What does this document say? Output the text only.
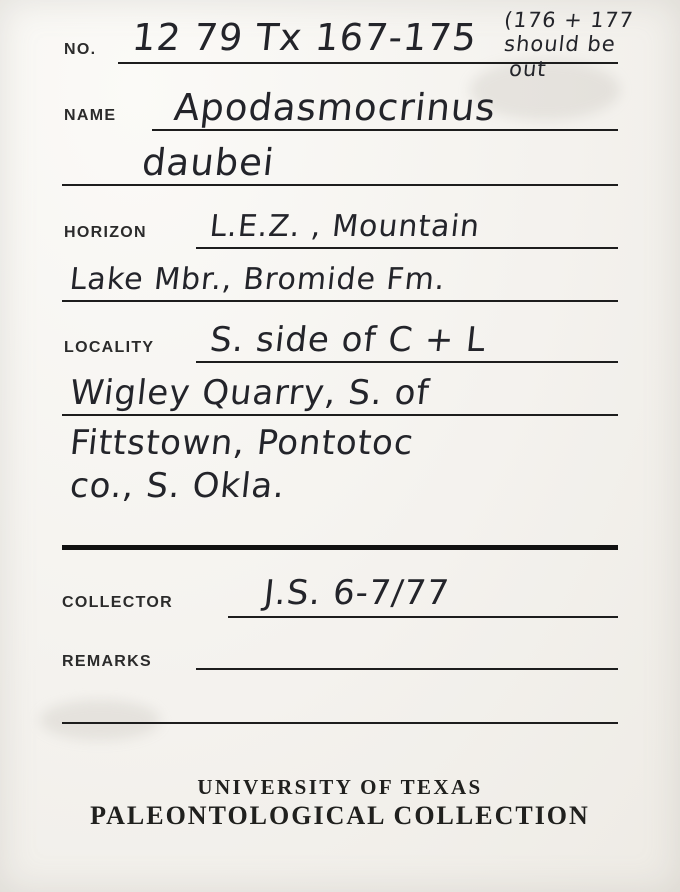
NO. 12 79 Tx 167-175 (176 + 177
should be
out
NAME Apodasmocrinus
daubei
HORIZON L.E.Z. , Mountain
Lake Mbr., Bromide Fm.
LOCALITY S. side of C + L
Wigley Quarry, S. of
Fittstown, Pontotoc
co., S. Okla.
COLLECTOR	J.S. 6-7/77
REMARKS
UNIVERSITY OF TEXAS
PALEONTOLOGICAL COLLECTION
